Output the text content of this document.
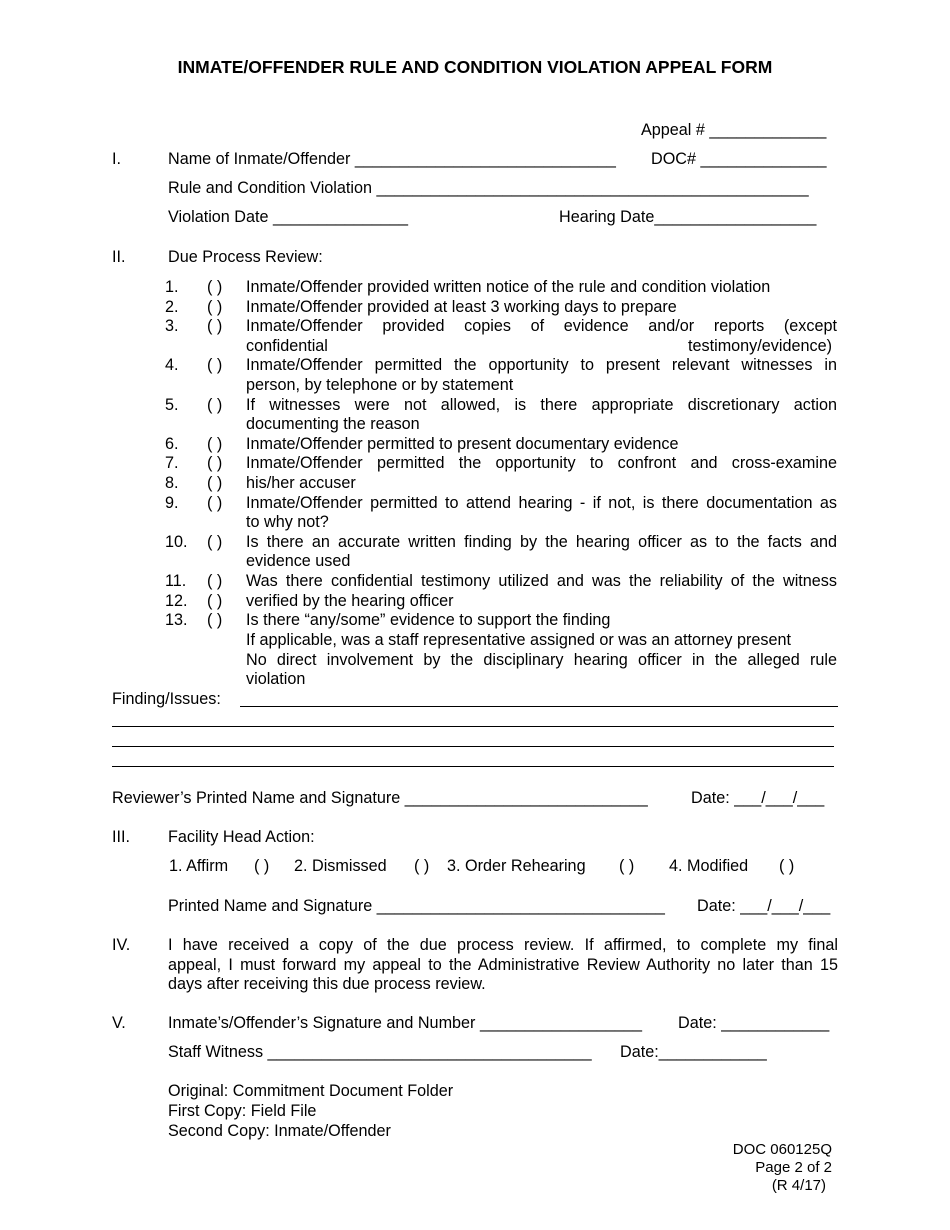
INMATE/OFFENDER RULE AND CONDITION VIOLATION APPEAL FORM
Appeal # _____________
I.	Name of Inmate/Offender _____________________________ DOC# ______________
Rule and Condition Violation ________________________________________________
Violation Date _______________	Hearing Date__________________
II.	Due Process Review:
1. ( ) Inmate/Offender provided written notice of the rule and condition violation
2. ( ) Inmate/Offender provided at least 3 working days to prepare
3. ( ) Inmate/Offender provided copies of evidence and/or reports (except
confidential	testimony/evidence)
4. ( ) Inmate/Offender permitted the opportunity to present relevant witnesses in
person, by telephone or by statement
5. ( ) If witnesses were not allowed, is there appropriate discretionary action
documenting the reason
6. ( ) Inmate/Offender permitted to present documentary evidence
7. ( ) Inmate/Offender permitted the opportunity to confront and cross-examine
8. ( ) his/her accuser
9. ( ) Inmate/Offender permitted to attend hearing - if not, is there documentation as
to why not?
10. ( ) Is there an accurate written finding by the hearing officer as to the facts and
evidence used
11. ( ) Was there confidential testimony utilized and was the reliability of the witness
12. ( ) verified by the hearing officer
13. ( ) Is there “any/some” evidence to support the finding
If applicable, was a staff representative assigned or was an attorney present
No direct involvement by the disciplinary hearing officer in the alleged rule
violation
Finding/Issues:
Reviewer’s Printed Name and Signature ___________________________	Date: ___/___/___
III. Facility Head Action:
1. Affirm ( ) 2. Dismissed ( ) 3. Order Rehearing ( ) 4. Modified ( )
Printed Name and Signature ________________________________ Date: ___/___/___
IV. I have received a copy of the due process review. If affirmed, to complete my final
appeal, I must forward my appeal to the Administrative Review Authority no later than 15
days after receiving this due process review.
V.	Inmate’s/Offender’s Signature and Number __________________ Date: ____________
Staff Witness ____________________________________ Date:____________
Original: Commitment Document Folder
First Copy: Field File
Second Copy: Inmate/Offender
DOC 060125Q
Page 2 of 2
(R 4/17)
